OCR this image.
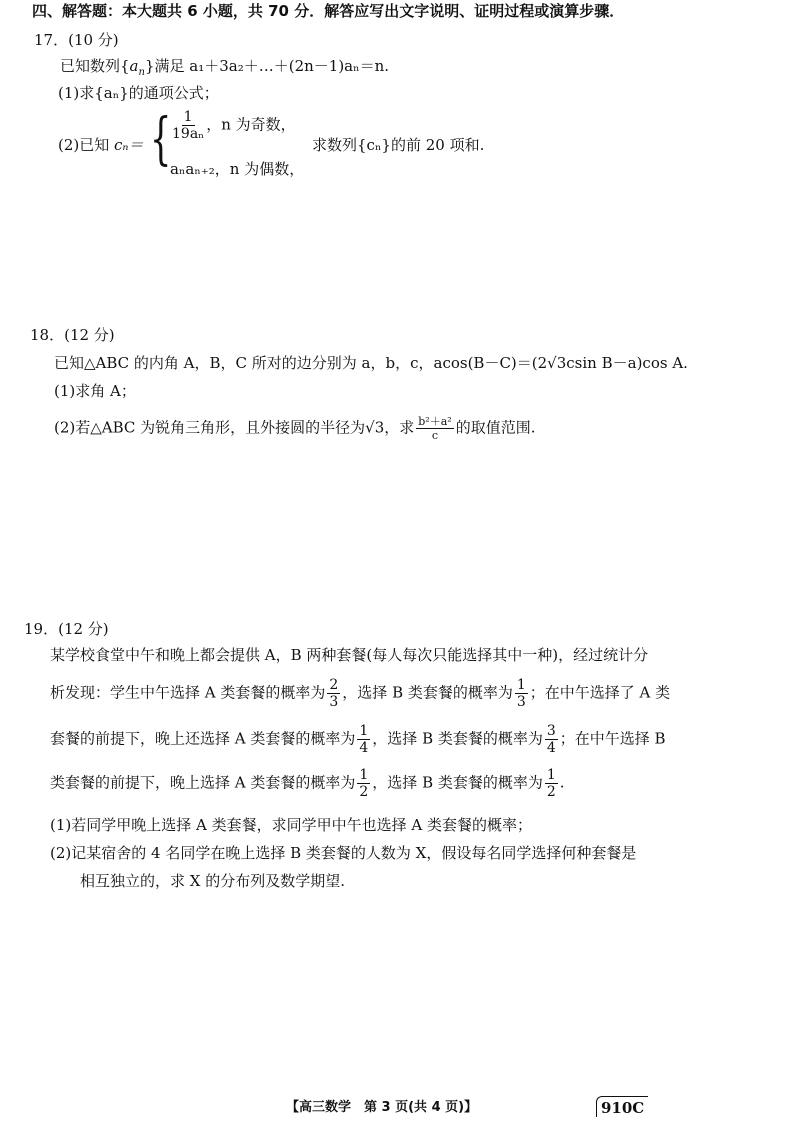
四、解答题：本大题共 6 小题，共 70 分．解答应写出文字说明、证明过程或演算步骤．
17．(10 分)
已知数列$\{a_n\}$满足 a₁＋3a₂＋…＋(2n－1)aₙ＝n.
(1)求{aₙ}的通项公式；
(2)已知 cₙ＝ { $\frac{1}{\text{19aₙ}}$ ，n 为奇数，
aₙaₙ₊₂，n 为偶数，
求数列{cₙ}的前 20 项和.
18．(12 分)
已知△ABC 的内角 A，B，C 所对的边分别为 a，b，c，acos(B－C)＝(2√3csin B－a)cos A.
(1)求角 A；
(2)若△ABC 为锐角三角形，且外接圆的半径为√3，求 $\frac{\text{b²＋a²}}{c}$ 的取值范围.
19．(12 分)
某学校食堂中午和晚上都会提供 A，B 两种套餐(每人每次只能选择其中一种)，经过统计分
析发现：学生中午选择 A 类套餐的概率为 $\frac{2}{3}$ ，选择 B 类套餐的概率为 $\frac{1}{3}$ ；在中午选择了 A 类
套餐的前提下，晚上还选择 A 类套餐的概率为 $\frac{1}{4}$ ，选择 B 类套餐的概率为 $\frac{3}{4}$ ；在中午选择 B
类套餐的前提下，晚上选择 A 类套餐的概率为 $\frac{1}{2}$ ，选择 B 类套餐的概率为 $\frac{1}{2}$ .
(1)若同学甲晚上选择 A 类套餐，求同学甲中午也选择 A 类套餐的概率；
(2)记某宿舍的 4 名同学在晚上选择 B 类套餐的人数为 X，假设每名同学选择何种套餐是
相互独立的，求 X 的分布列及数学期望.
【高三数学　第 3 页(共 4 页)】	910C
